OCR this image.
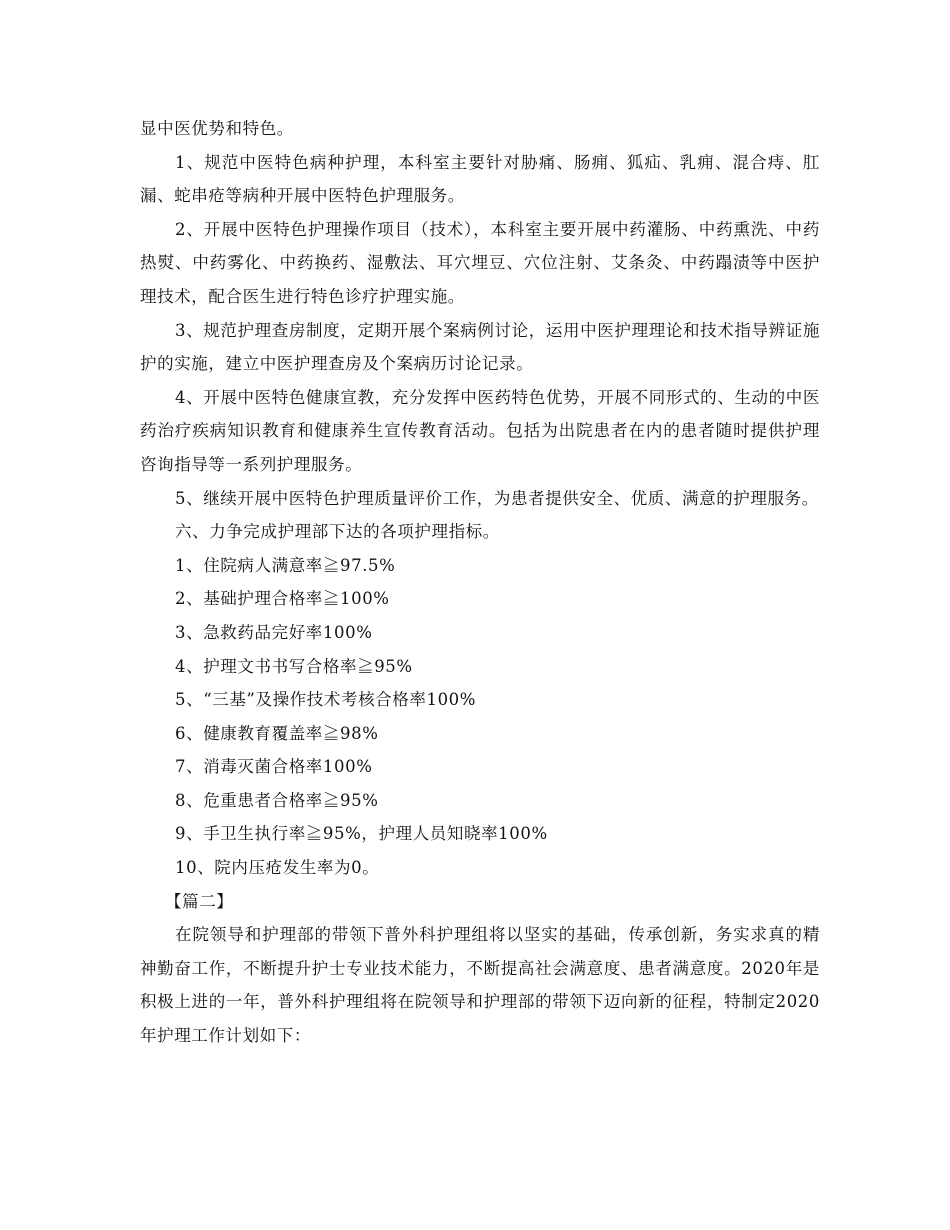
显中医优势和特色。

1、规范中医特色病种护理，本科室主要针对胁痛、肠痈、狐疝、乳痈、混合痔、肛漏、蛇串疮等病种开展中医特色护理服务。

2、开展中医特色护理操作项目（技术），本科室主要开展中药灌肠、中药熏洗、中药热熨、中药雾化、中药换药、湿敷法、耳穴埋豆、穴位注射、艾条灸、中药蹋渍等中医护理技术，配合医生进行特色诊疗护理实施。

3、规范护理查房制度，定期开展个案病例讨论，运用中医护理理论和技术指导辨证施护的实施，建立中医护理查房及个案病历讨论记录。

4、开展中医特色健康宣教，充分发挥中医药特色优势，开展不同形式的、生动的中医药治疗疾病知识教育和健康养生宣传教育活动。包括为出院患者在内的患者随时提供护理咨询指导等一系列护理服务。

5、继续开展中医特色护理质量评价工作，为患者提供安全、优质、满意的护理服务。

六、力争完成护理部下达的各项护理指标。

1、住院病人满意率≧97.5%

2、基础护理合格率≧100%

3、急救药品完好率100%

4、护理文书书写合格率≧95%

5、“三基”及操作技术考核合格率100%

6、健康教育覆盖率≧98%

7、消毒灭菌合格率100%

8、危重患者合格率≧95%

9、手卫生执行率≧95%，护理人员知晓率100%

10、院内压疮发生率为0。

【篇二】

在院领导和护理部的带领下普外科护理组将以坚实的基础，传承创新，务实求真的精神勤奋工作，不断提升护士专业技术能力，不断提高社会满意度、患者满意度。2020年是积极上进的一年，普外科护理组将在院领导和护理部的带领下迈向新的征程，特制定2020年护理工作计划如下：
